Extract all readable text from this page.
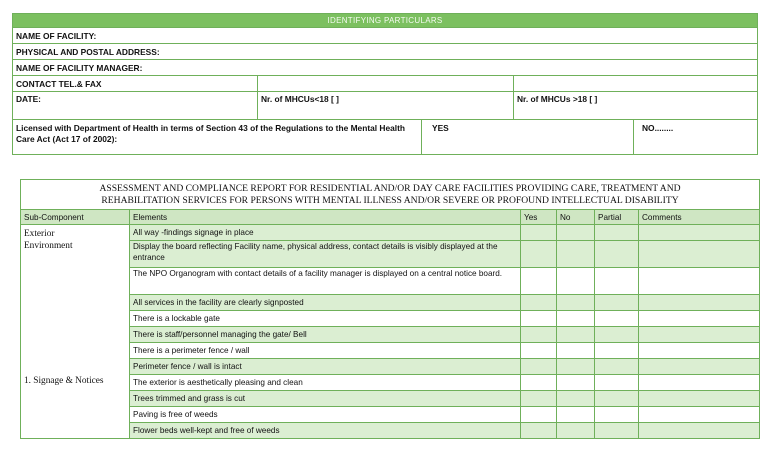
IDENTIFYING PARTICULARS				
NAME OF FACILITY:				
PHYSICAL AND POSTAL ADDRESS:				
NAME OF FACILITY MANAGER:				
CONTACT TEL.& FAX				
DATE:	Nr. of MHCUs<18 [ ]		Nr. of MHCUs >18 [ ]	
Licensed with Department of Health in terms of Section 43 of the Regulations to the Mental Health Care Act (Act 17 of 2002):		YES		NO........
ASSESSMENT AND COMPLIANCE REPORT FOR RESIDENTIAL AND/OR DAY CARE FACILITIES PROVIDING CARE, TREATMENT AND
REHABILITATION SERVICES FOR PERSONS WITH MENTAL ILLNESS AND/OR SEVERE OR PROFOUND INTELLECTUAL DISABILITY					

Sub-Component	Elements	Yes	No	Partial	Comments

Exterior Environment
1. Signage & Notices	All way -findings signage in place				
	Display the board reflecting Facility name, physical address, contact details is visibly displayed at the entrance				
	The NPO Organogram with contact details of a facility manager is displayed on a central notice board.				
	All services in the facility are clearly signposted				
	There is a lockable gate				
	There is staff/personnel managing the gate/ Bell				
	There is a perimeter fence / wall				
	Perimeter fence / wall is intact				
	The exterior is aesthetically pleasing and clean				
	Trees trimmed and grass is cut				
	Paving is free of weeds				
	Flower beds well-kept and free of weeds				
